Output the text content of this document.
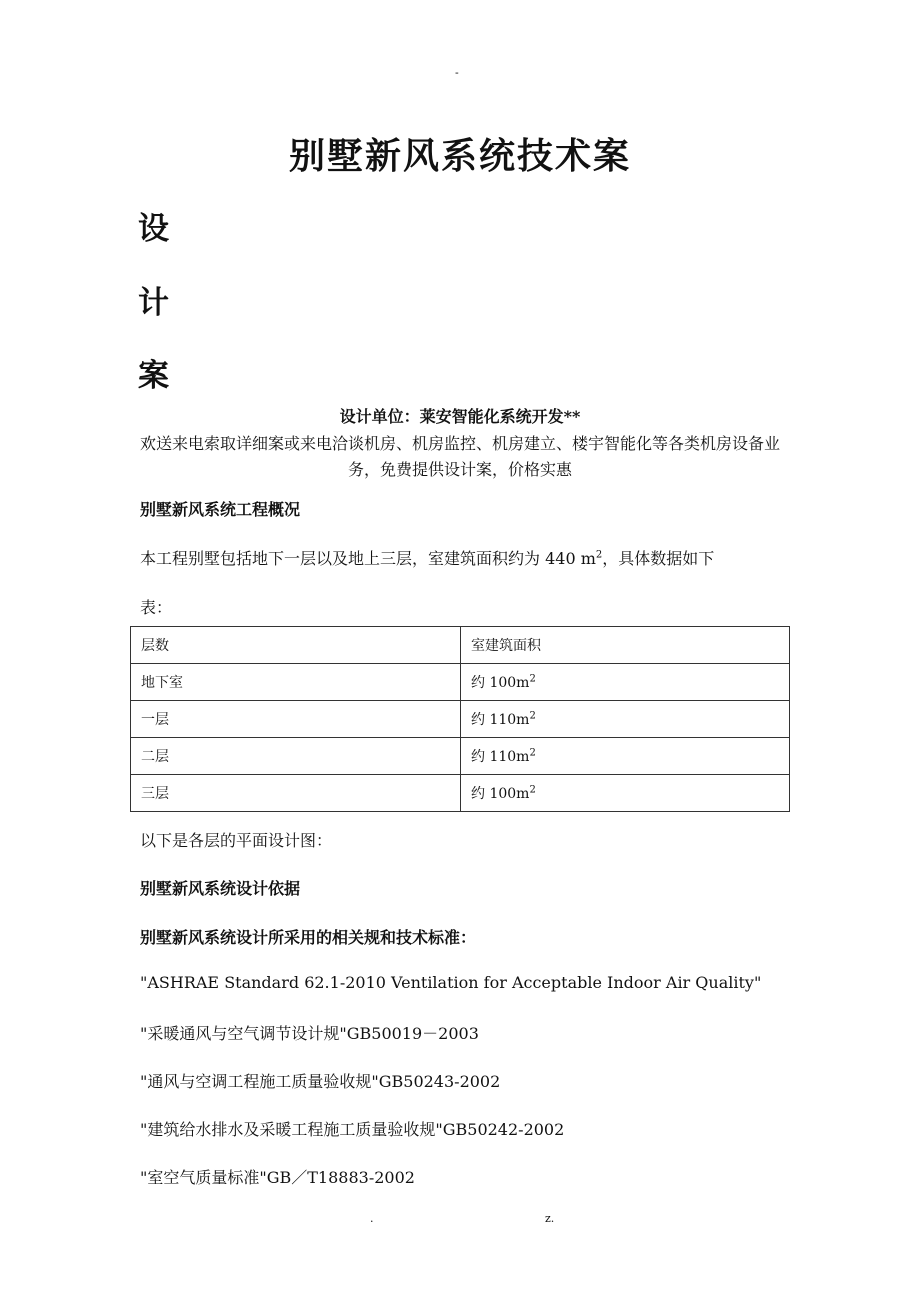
-
别墅新风系统技术案
设
计
案
设计单位：莱安智能化系统开发**
欢送来电索取详细案或来电洽谈机房、机房监控、机房建立、楼宇智能化等各类机房设备业务，免费提供设计案，价格实惠
别墅新风系统工程概况
本工程别墅包括地下一层以及地上三层，室建筑面积约为 440 $m^2$，具体数据如下
表：
层数	室建筑面积
地下室	约 $100m^2$
一层	约 $110m^2$
二层	约 $110m^2$
三层	约 $100m^2$
以下是各层的平面设计图：
别墅新风系统设计依据
别墅新风系统设计所采用的相关规和技术标准：
"ASHRAE Standard 62.1-2010 Ventilation for Acceptable Indoor Air Quality"
"采暖通风与空气调节设计规"GB50019－2003
"通风与空调工程施工质量验收规"GB50243-2002
"建筑给水排水及采暖工程施工质量验收规"GB50242-2002
"室空气质量标准"GB／T18883-2002
.	z.
